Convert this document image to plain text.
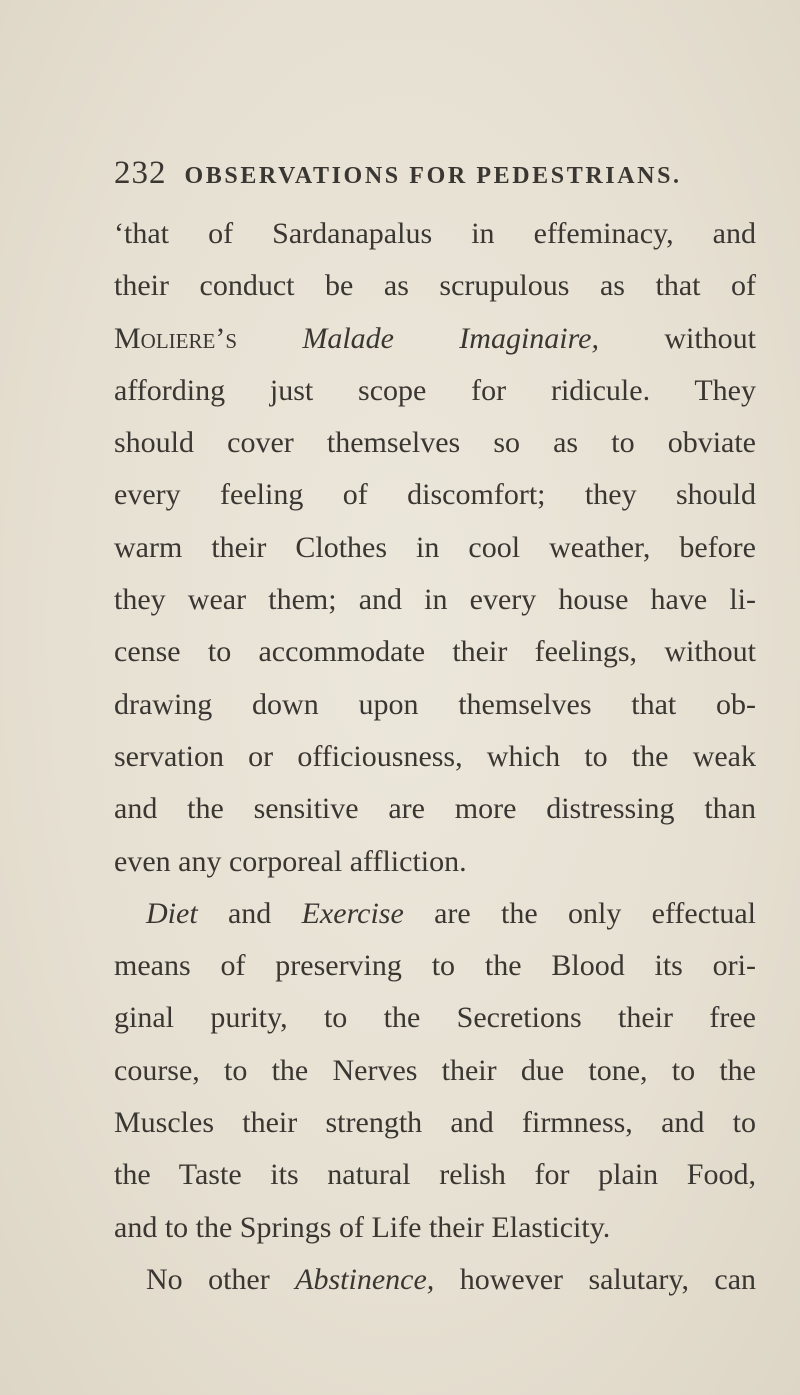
232 OBSERVATIONS FOR PEDESTRIANS.
‘that of Sardanapalus in effeminacy, and
their conduct be as scrupulous as that of
Moliere’s Malade Imaginaire, without
affording just scope for ridicule. They
should cover themselves so as to obviate
every feeling of discomfort; they should
warm their Clothes in cool weather, before
they wear them; and in every house have li-
cense to accommodate their feelings, without
drawing down upon themselves that ob-
servation or officiousness, which to the weak
and the sensitive are more distressing than
even any corporeal affliction.
Diet and Exercise are the only effectual
means of preserving to the Blood its ori-
ginal purity, to the Secretions their free
course, to the Nerves their due tone, to the
Muscles their strength and firmness, and to
the Taste its natural relish for plain Food,
and to the Springs of Life their Elasticity.
No other Abstinence, however salutary, can
